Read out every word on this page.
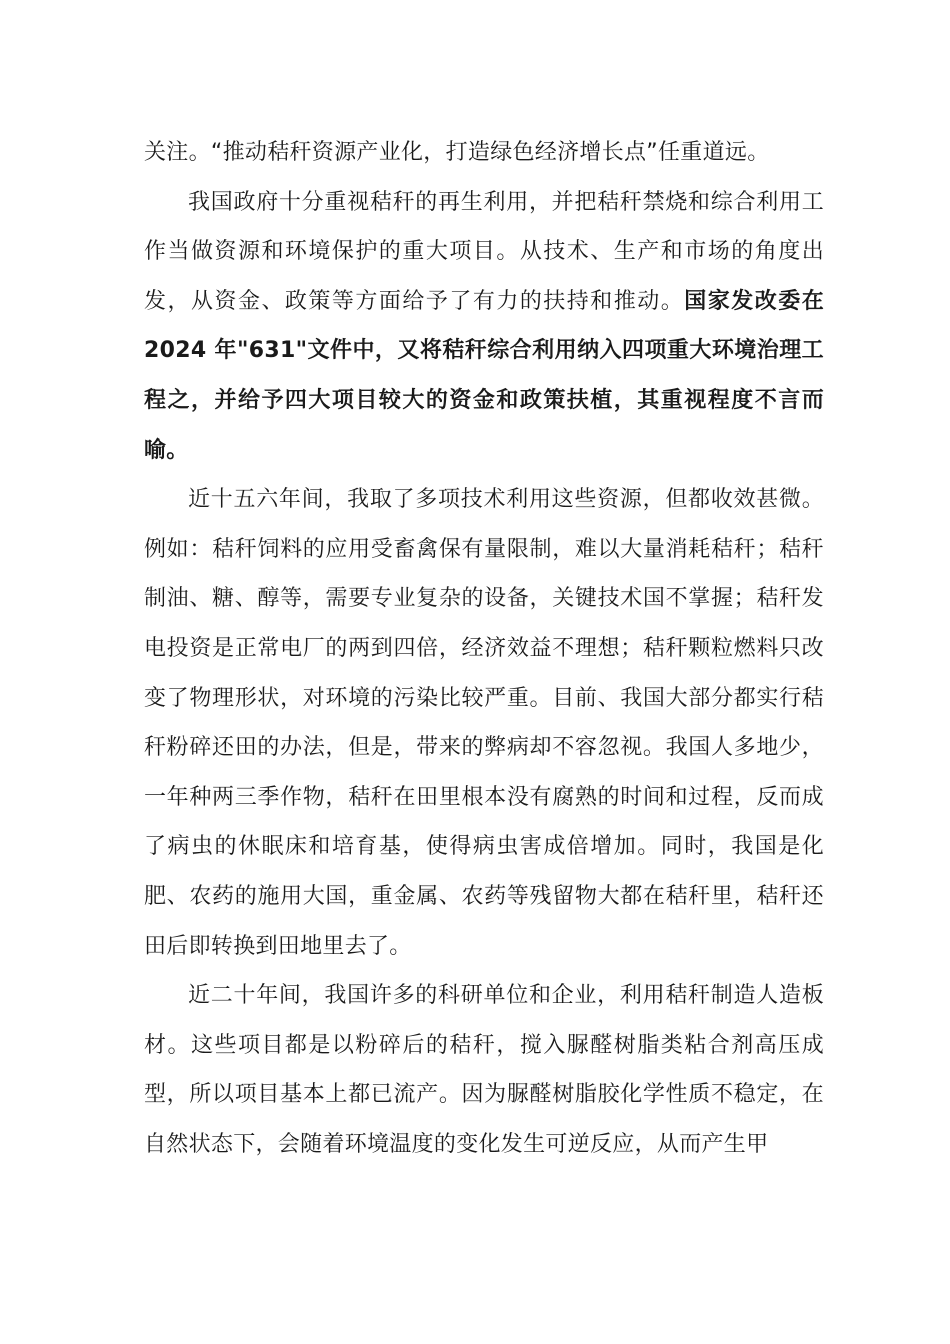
关注。“推动秸秆资源产业化，打造绿色经济增长点”任重道远。

我国政府十分重视秸秆的再生利用，并把秸秆禁烧和综合利用工作当做资源和环境保护的重大项目。从技术、生产和市场的角度出发，从资金、政策等方面给予了有力的扶持和推动。国家发改委在 2024 年"631"文件中，又将秸秆综合利用纳入四项重大环境治理工程之，并给予四大项目较大的资金和政策扶植，其重视程度不言而喻。

近十五六年间，我取了多项技术利用这些资源，但都收效甚微。例如：秸秆饲料的应用受畜禽保有量限制，难以大量消耗秸秆；秸秆制油、糖、醇等，需要专业复杂的设备，关键技术国不掌握；秸秆发电投资是正常电厂的两到四倍，经济效益不理想；秸秆颗粒燃料只改变了物理形状，对环境的污染比较严重。目前、我国大部分都实行秸秆粉碎还田的办法，但是，带来的弊病却不容忽视。我国人多地少，一年种两三季作物，秸秆在田里根本没有腐熟的时间和过程，反而成了病虫的休眠床和培育基，使得病虫害成倍增加。同时，我国是化肥、农药的施用大国，重金属、农药等残留物大都在秸秆里，秸秆还田后即转换到田地里去了。

近二十年间，我国许多的科研单位和企业，利用秸秆制造人造板材。这些项目都是以粉碎后的秸秆，搅入脲醛树脂类粘合剂高压成型，所以项目基本上都已流产。因为脲醛树脂胶化学性质不稳定，在自然状态下，会随着环境温度的变化发生可逆反应，从而产生甲
